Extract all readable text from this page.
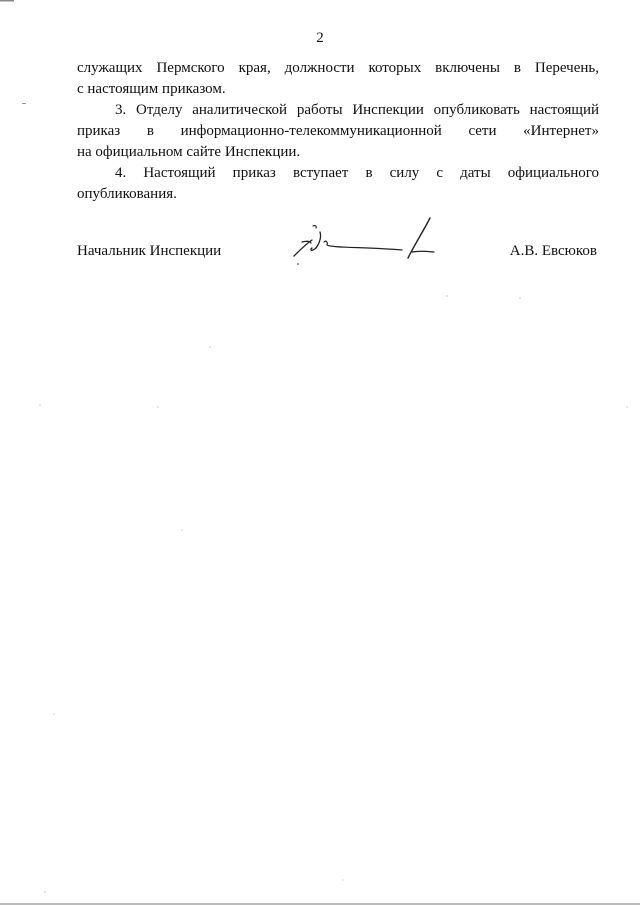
2

служащих Пермского края, должности которых включены в Перечень,
с настоящим приказом.

3. Отделу аналитической работы Инспекции опубликовать настоящий
приказ в информационно-телекоммуникационной сети «Интернет»
на официальном сайте Инспекции.

4. Настоящий приказ вступает в силу с даты официального
опубликования.

Начальник Инспекции	А.В. Евсюков
